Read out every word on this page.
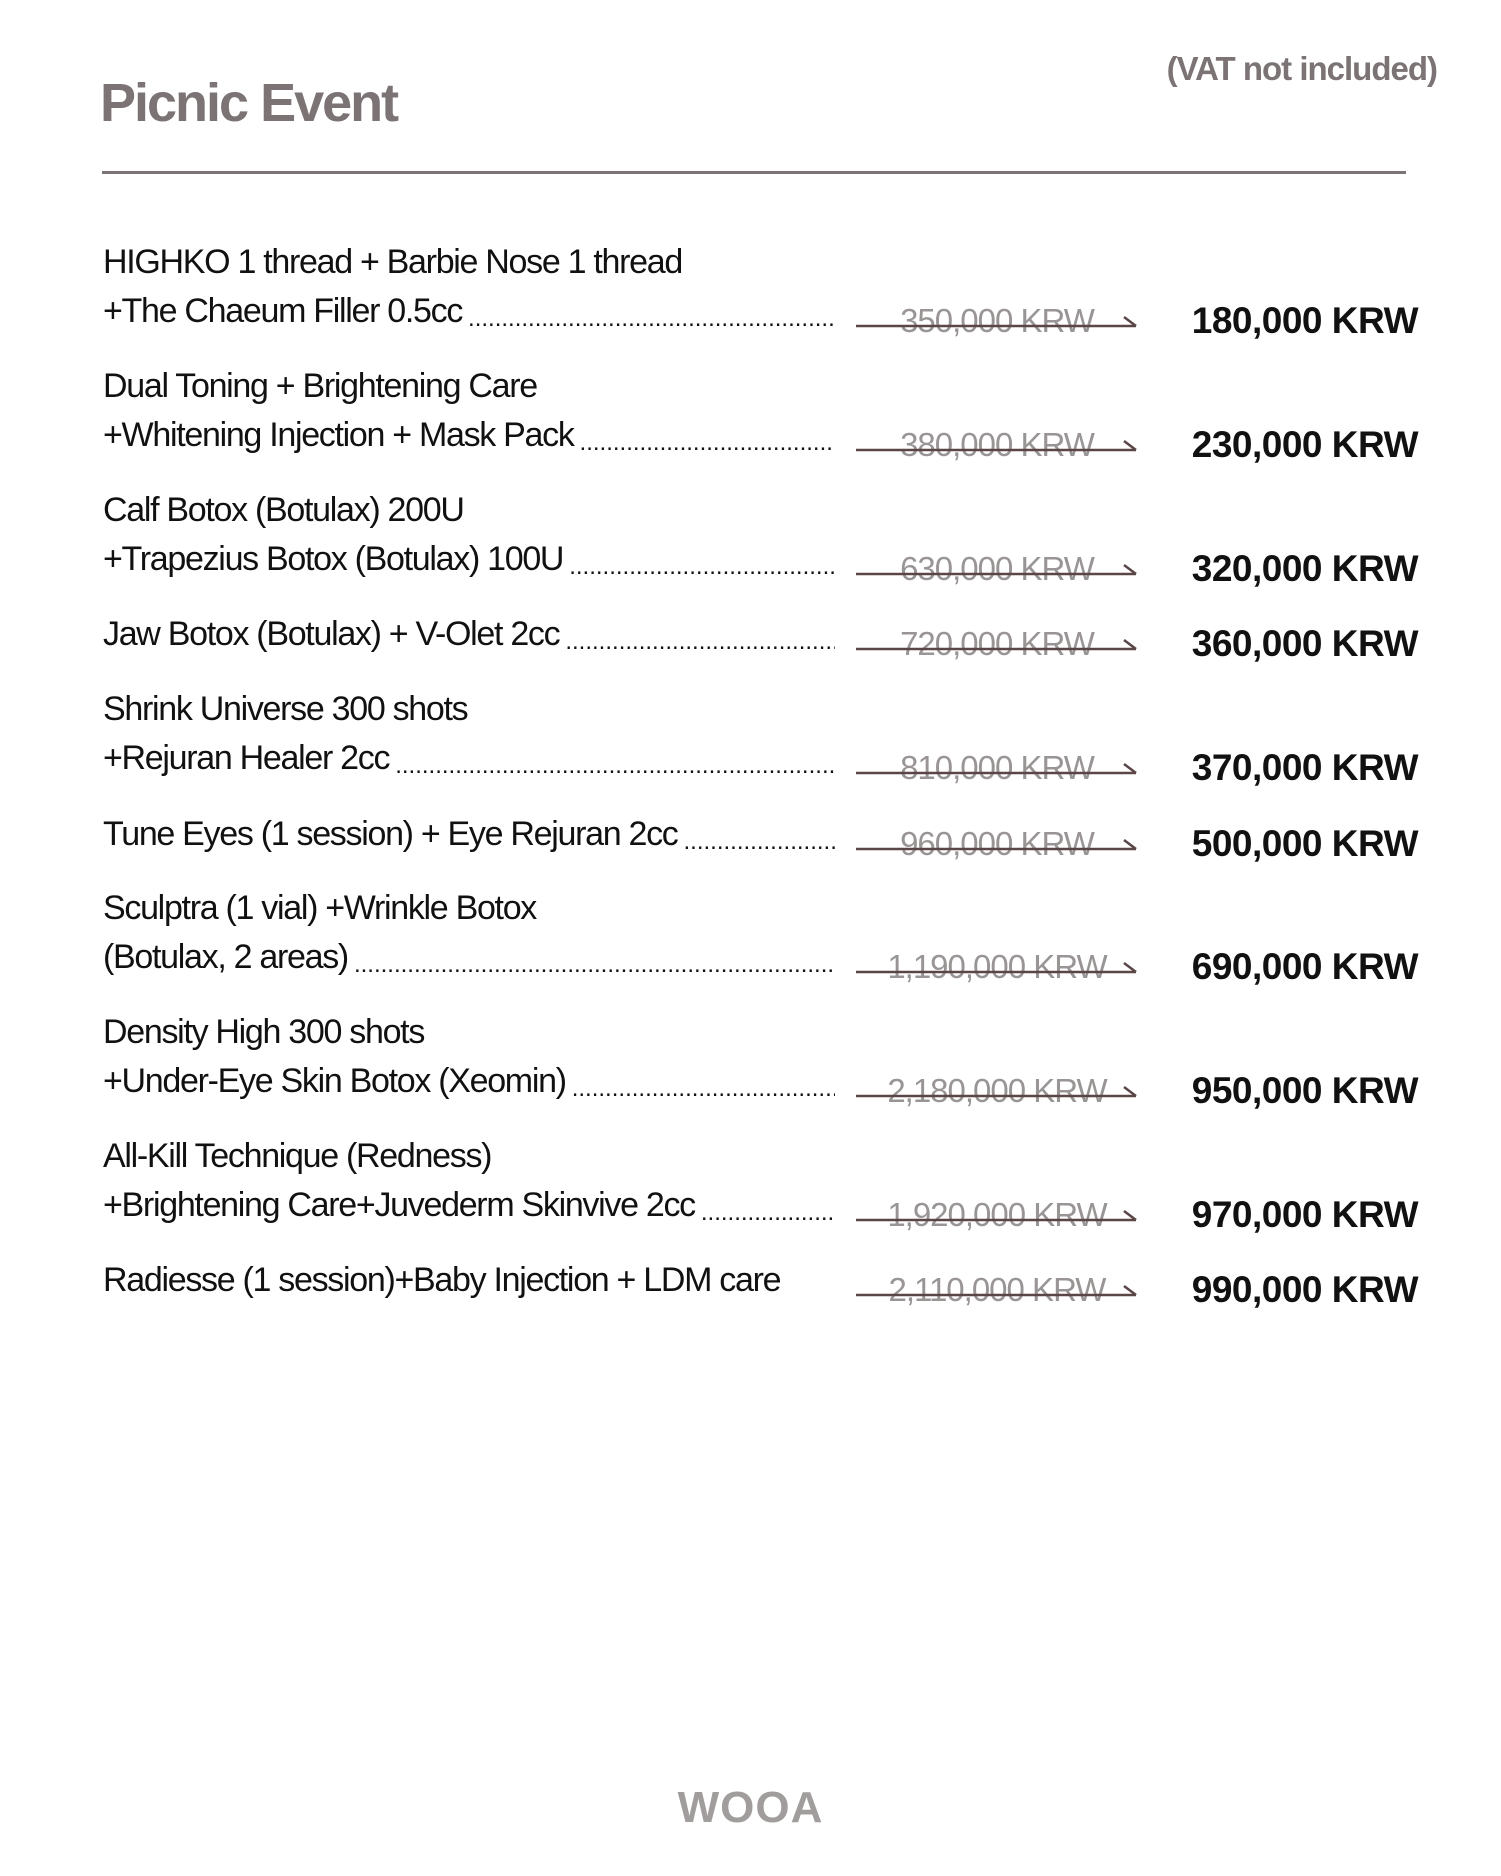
Picnic Event
(VAT not included)
HIGHKO 1 thread + Barbie Nose 1 thread
+The Chaeum Filler 0.5cc .....	350,000 KRW	180,000 KRW
Dual Toning + Brightening Care
+Whitening Injection + Mask Pack .....	380,000 KRW	230,000 KRW
Calf Botox (Botulax) 200U
+Trapezius Botox (Botulax) 100U .....	630,000 KRW	320,000 KRW
Jaw Botox (Botulax) + V-Olet 2cc .....	720,000 KRW	360,000 KRW
Shrink Universe 300 shots
+Rejuran Healer 2cc .....	810,000 KRW	370,000 KRW
Tune Eyes (1 session) + Eye Rejuran 2cc .....	960,000 KRW	500,000 KRW
Sculptra (1 vial) +Wrinkle Botox
(Botulax, 2 areas) .....	1,190,000 KRW	690,000 KRW
Density High 300 shots
+Under-Eye Skin Botox (Xeomin) .....	2,180,000 KRW	950,000 KRW
All-Kill Technique (Redness)
+Brightening Care+Juvederm Skinvive 2cc .....	1,920,000 KRW	970,000 KRW
Radiesse (1 session)+Baby Injection + LDM care	2,110,000 KRW	990,000 KRW
WOOA
